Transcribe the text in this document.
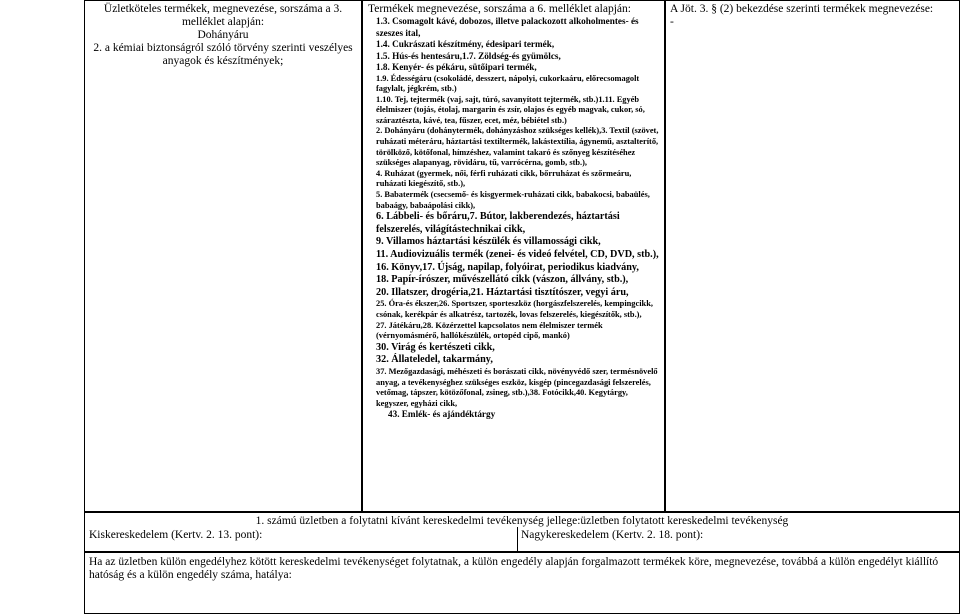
Üzletköteles termékek, megnevezése, sorszáma a 3. melléklet alapján:
Dohányáru
2. a kémiai biztonságról szóló törvény szerinti veszélyes anyagok és készítmények;
Termékek megnevezése, sorszáma a 6. melléklet alapján:
1.3. Csomagolt kávé, dobozos, illetve palackozott alkoholmentes- és szeszes ital,
1.4. Cukrászati készítmény, édesipari termék,
1.5. Hús-és hentesáru,1.7. Zöldség-és gyümölcs,
1.8. Kenyér- és pékáru, sütőipari termék,
1.9. Édességáru (csokoládé, desszert, nápolyi, cukorkaáru, előrecsomagolt fagylalt, jégkrém, stb.)
1.10. Tej, tejtermék (vaj, sajt, túró, savanyított tejtermék, stb.)1.11. Egyéb élelmiszer (tojás, étolaj, margarin és zsír, olajos és egyéb magvak, cukor, só, száraztészta, kávé, tea, fűszer, ecet, méz, bébiétel stb.)
2. Dohányáru (dohánytermék, dohányzáshoz szükséges kellék),3. Textil (szövet, ruházati méteráru, háztartási textiltermék, lakástextília, ágynemű, asztalterítő, törölköző, kötőfonal, hímzéshez, valamint takaró és szőnyeg készítéséhez szükséges alapanyag, rövidáru, tű, varrócérna, gomb, stb.),
4. Ruházat (gyermek, női, férfi ruházati cikk, bőrruházat és szőrmeáru, ruházati kiegészítő, stb.),
5. Babatermék (csecsemő- és kisgyermek-ruházati cikk, babakocsi, babaülés, babaágy, babaápolási cikk),
6. Lábbeli- és bőráru,7. Bútor, lakberendezés, háztartási felszerelés, világítástechnikai cikk,
9. Villamos háztartási készülék és villamossági cikk,
11. Audiovizuális termék (zenei- és videó felvétel, CD, DVD, stb.),
16. Könyv,17. Újság, napilap, folyóirat, periodikus kiadvány,
18. Papír-írószer, művészellátó cikk (vászon, állvány, stb.),
20. Illatszer, drogéria,21. Háztartási tisztítószer, vegyi áru,
25. Óra-és ékszer,26. Sportszer, sporteszköz (horgászfelszerelés, kempingcikk, csónak, kerékpár és alkatrész, tartozék, lovas felszerelés, kiegészítők, stb.),
27. Játékáru,28. Közérzettel kapcsolatos nem élelmiszer termék (vérnyomásmérő, hallókészülék, ortopéd cipő, mankó)
30. Virág és kertészeti cikk,
32. Állateledel, takarmány,
37. Mezőgazdasági, méhészeti és borászati cikk, növényvédő szer, termésnövelő anyag, a tevékenységhez szükséges eszköz, kisgép (pincegazdasági felszerelés, vetőmag, tápszer, kötözőfonal, zsineg, stb.),38. Fotócikk,40. Kegytárgy, kegyszer, egyházi cikk,
43. Emlék- és ajándéktárgy
A Jöt. 3. § (2) bekezdése szerinti termékek megnevezése:
-
1. számú üzletben a folytatni kívánt kereskedelmi tevékenység jellege:üzletben folytatott kereskedelmi tevékenység
Kiskereskedelem (Kertv. 2. 13. pont):	Nagykereskedelem (Kertv. 2. 18. pont):
Ha az üzletben külön engedélyhez kötött kereskedelmi tevékenységet folytatnak, a külön engedély alapján forgalmazott termékek köre, megnevezése, továbbá a külön engedélyt kiállító hatóság és a külön engedély száma, hatálya:
